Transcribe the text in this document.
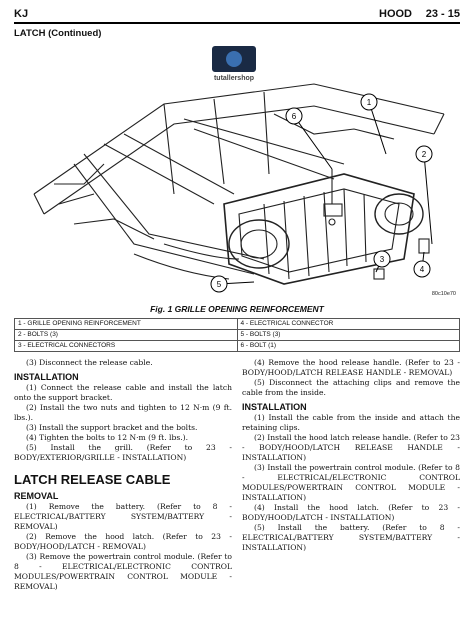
KJ	HOOD 23 - 15
LATCH (Continued)
1
2
3
4
5
6
tutallershop
80c10e70
Fig. 1 GRILLE OPENING REINFORCEMENT
1 - GRILLE OPENING REINFORCEMENT	4 - ELECTRICAL CONNECTOR
2 - BOLTS (3)	5 - BOLTS (3)
3 - ELECTRICAL CONNECTORS	6 - BOLT (1)

(3) Disconnect the release cable.

INSTALLATION

(1) Connect the release cable and install the latch onto the support bracket.

(2) Install the two nuts and tighten to 12 N·m (9 ft. lbs.).

(3) Install the support bracket and the bolts.

(4) Tighten the bolts to 12 N·m (9 ft. lbs.).

(5) Install the grill. (Refer to 23 - BODY/EXTERIOR/GRILLE - INSTALLATION)

LATCH RELEASE CABLE
REMOVAL

(1) Remove the battery. (Refer to 8 - ELECTRICAL/BATTERY SYSTEM/BATTERY - REMOVAL)

(2) Remove the hood latch. (Refer to 23 - BODY/HOOD/LATCH - REMOVAL)

(3) Remove the powertrain control module. (Refer to 8 - ELECTRICAL/ELECTRONIC CONTROL MODULES/POWERTRAIN CONTROL MODULE - REMOVAL)

(4) Remove the hood release handle. (Refer to 23 - BODY/HOOD/LATCH RELEASE HANDLE - REMOVAL)

(5) Disconnect the attaching clips and remove the cable from the inside.

INSTALLATION

(1) Install the cable from the inside and attach the retaining clips.

(2) Install the hood latch release handle. (Refer to 23 - BODY/HOOD/LATCH RELEASE HANDLE - INSTALLATION)

(3) Install the powertrain control module. (Refer to 8 - ELECTRICAL/ELECTRONIC CONTROL MODULES/POWERTRAIN CONTROL MODULE - INSTALLATION)

(4) Install the hood latch. (Refer to 23 - BODY/HOOD/LATCH - INSTALLATION)

(5) Install the battery. (Refer to 8 - ELECTRICAL/BATTERY SYSTEM/BATTERY - INSTALLATION)
